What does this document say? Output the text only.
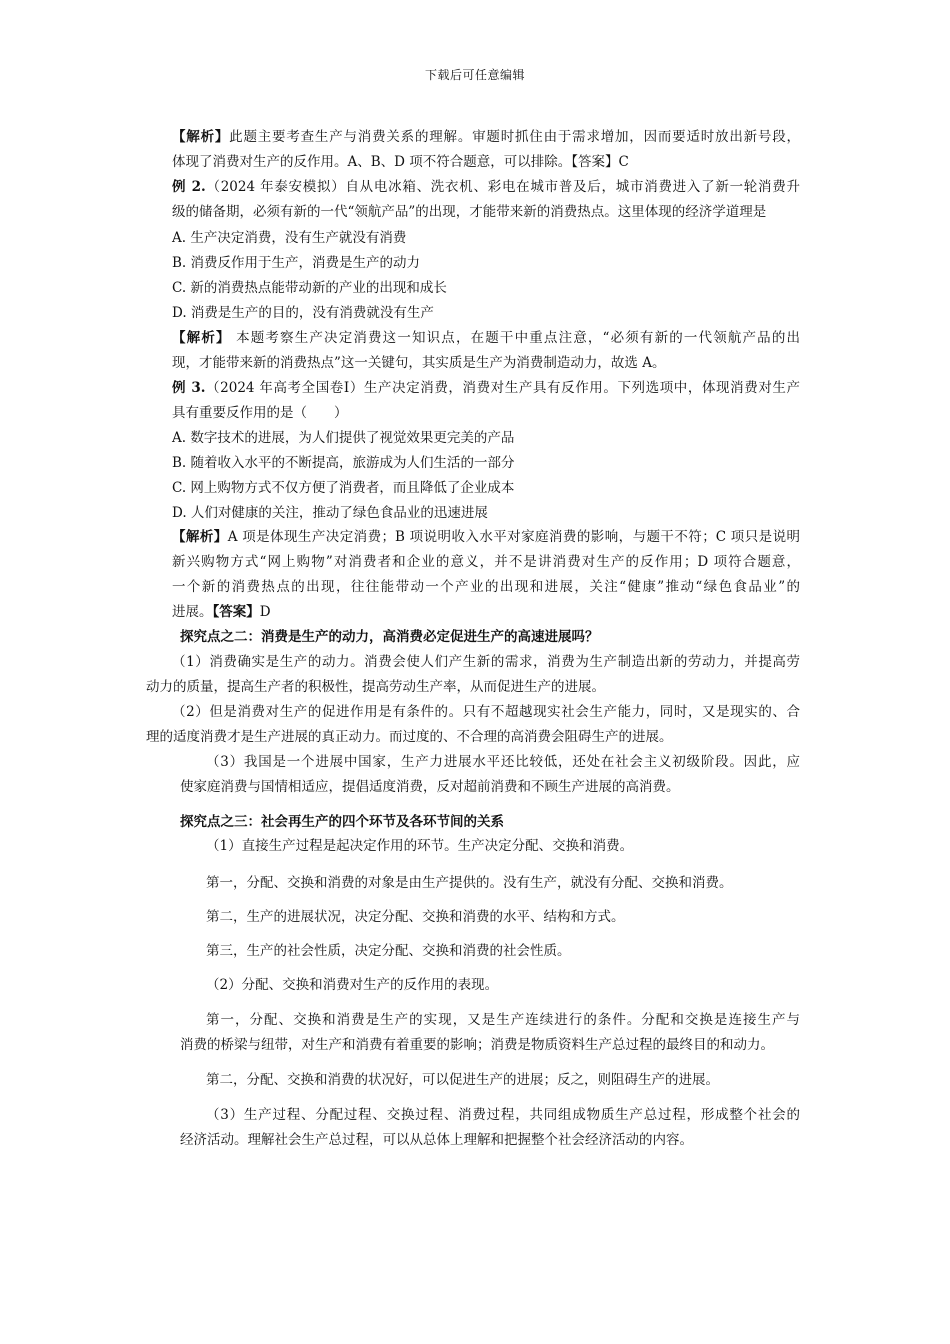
下载后可任意编辑
【解析】此题主要考查生产与消费关系的理解。审题时抓住由于需求增加，因而要适时放出新号段，
体现了消费对生产的反作用。A、B、D 项不符合题意，可以排除。【答案】C
例 2.（2024 年泰安模拟）自从电冰箱、洗衣机、彩电在城市普及后，城市消费进入了新一轮消费升
级的储备期，必须有新的一代“领航产品”的出现，才能带来新的消费热点。这里体现的经济学道理是
A. 生产决定消费，没有生产就没有消费
B. 消费反作用于生产，消费是生产的动力
C. 新的消费热点能带动新的产业的出现和成长
D. 消费是生产的目的，没有消费就没有生产
【解析】 本题考察生产决定消费这一知识点，在题干中重点注意，“必须有新的一代领航产品的出
现，才能带来新的消费热点”这一关键句，其实质是生产为消费制造动力，故选 A。
例 3.（2024 年高考全国卷Ⅰ）生产决定消费，消费对生产具有反作用。下列选项中，体现消费对生产
具有重要反作用的是（　　）
A. 数字技术的进展，为人们提供了视觉效果更完美的产品
B. 随着收入水平的不断提高，旅游成为人们生活的一部分
C. 网上购物方式不仅方便了消费者，而且降低了企业成本
D. 人们对健康的关注，推动了绿色食品业的迅速进展
【解析】A 项是体现生产决定消费；B 项说明收入水平对家庭消费的影响，与题干不符；C 项只是说明
新兴购物方式“网上购物”对消费者和企业的意义，并不是讲消费对生产的反作用；D 项符合题意，
一个新的消费热点的出现，往往能带动一个产业的出现和进展，关注“健康”推动“绿色食品业”的
进展。【答案】D
探究点之二：消费是生产的动力，高消费必定促进生产的高速进展吗？
（1）消费确实是生产的动力。消费会使人们产生新的需求，消费为生产制造出新的劳动力，并提高劳
动力的质量，提高生产者的积极性，提高劳动生产率，从而促进生产的进展。
（2）但是消费对生产的促进作用是有条件的。只有不超越现实社会生产能力，同时，又是现实的、合
理的适度消费才是生产进展的真正动力。而过度的、不合理的高消费会阻碍生产的进展。
（3）我国是一个进展中国家，生产力进展水平还比较低，还处在社会主义初级阶段。因此，应
使家庭消费与国情相适应，提倡适度消费，反对超前消费和不顾生产进展的高消费。
探究点之三：社会再生产的四个环节及各环节间的关系
（1）直接生产过程是起决定作用的环节。生产决定分配、交换和消费。
第一，分配、交换和消费的对象是由生产提供的。没有生产，就没有分配、交换和消费。
第二，生产的进展状况，决定分配、交换和消费的水平、结构和方式。
第三，生产的社会性质，决定分配、交换和消费的社会性质。
（2）分配、交换和消费对生产的反作用的表现。
第一，分配、交换和消费是生产的实现，又是生产连续进行的条件。分配和交换是连接生产与
消费的桥梁与纽带，对生产和消费有着重要的影响；消费是物质资料生产总过程的最终目的和动力。
第二，分配、交换和消费的状况好，可以促进生产的进展；反之，则阻碍生产的进展。
（3）生产过程、分配过程、交换过程、消费过程，共同组成物质生产总过程，形成整个社会的
经济活动。理解社会生产总过程，可以从总体上理解和把握整个社会经济活动的内容。
